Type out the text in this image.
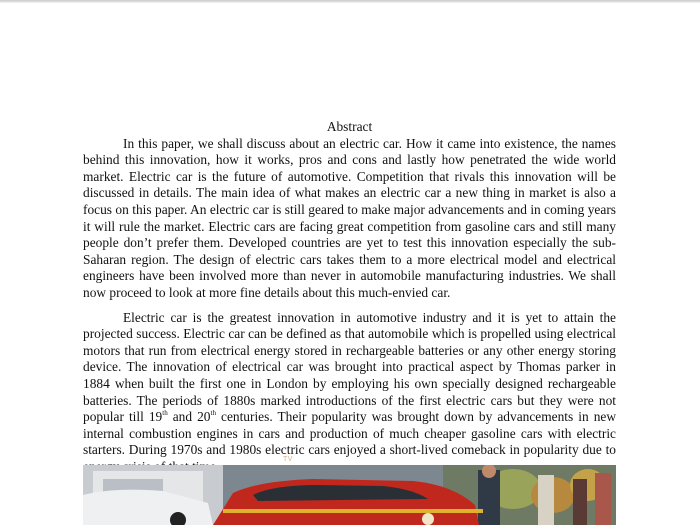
Abstract

In this paper, we shall discuss about an electric car. How it came into existence, the names behind this innovation, how it works, pros and cons and lastly how penetrated the wide world market. Electric car is the future of automotive. Competition that rivals this innovation will be discussed in details. The main idea of what makes an electric car a new thing in market is also a focus on this paper. An electric car is still geared to make major advancements and in coming years it will rule the market. Electric cars are facing great competition from gasoline cars and still many people don’t prefer them. Developed countries are yet to test this innovation especially the sub-Saharan region. The design of electric cars takes them to a more electrical model and electrical engineers have been involved more than never in automobile manufacturing industries. We shall now proceed to look at more fine details about this much-envied car.

Electric car is the greatest innovation in automotive industry and it is yet to attain the projected success. Electric car can be defined as that automobile which is propelled using electrical motors that run from electrical energy stored in rechargeable batteries or any other energy storing device. The innovation of electrical car was brought into practical aspect by Thomas parker in 1884 when built the first one in London by employing his own specially designed rechargeable batteries. The periods of 1880s marked introductions of the first electric cars but they were not popular till 19th and 20th centuries. Their popularity was brought down by advancements in new internal combustion engines in cars and production of much cheaper gasoline cars with electric starters. During 1970s and 1980s electric cars enjoyed a short-lived comeback in popularity due to

TV
